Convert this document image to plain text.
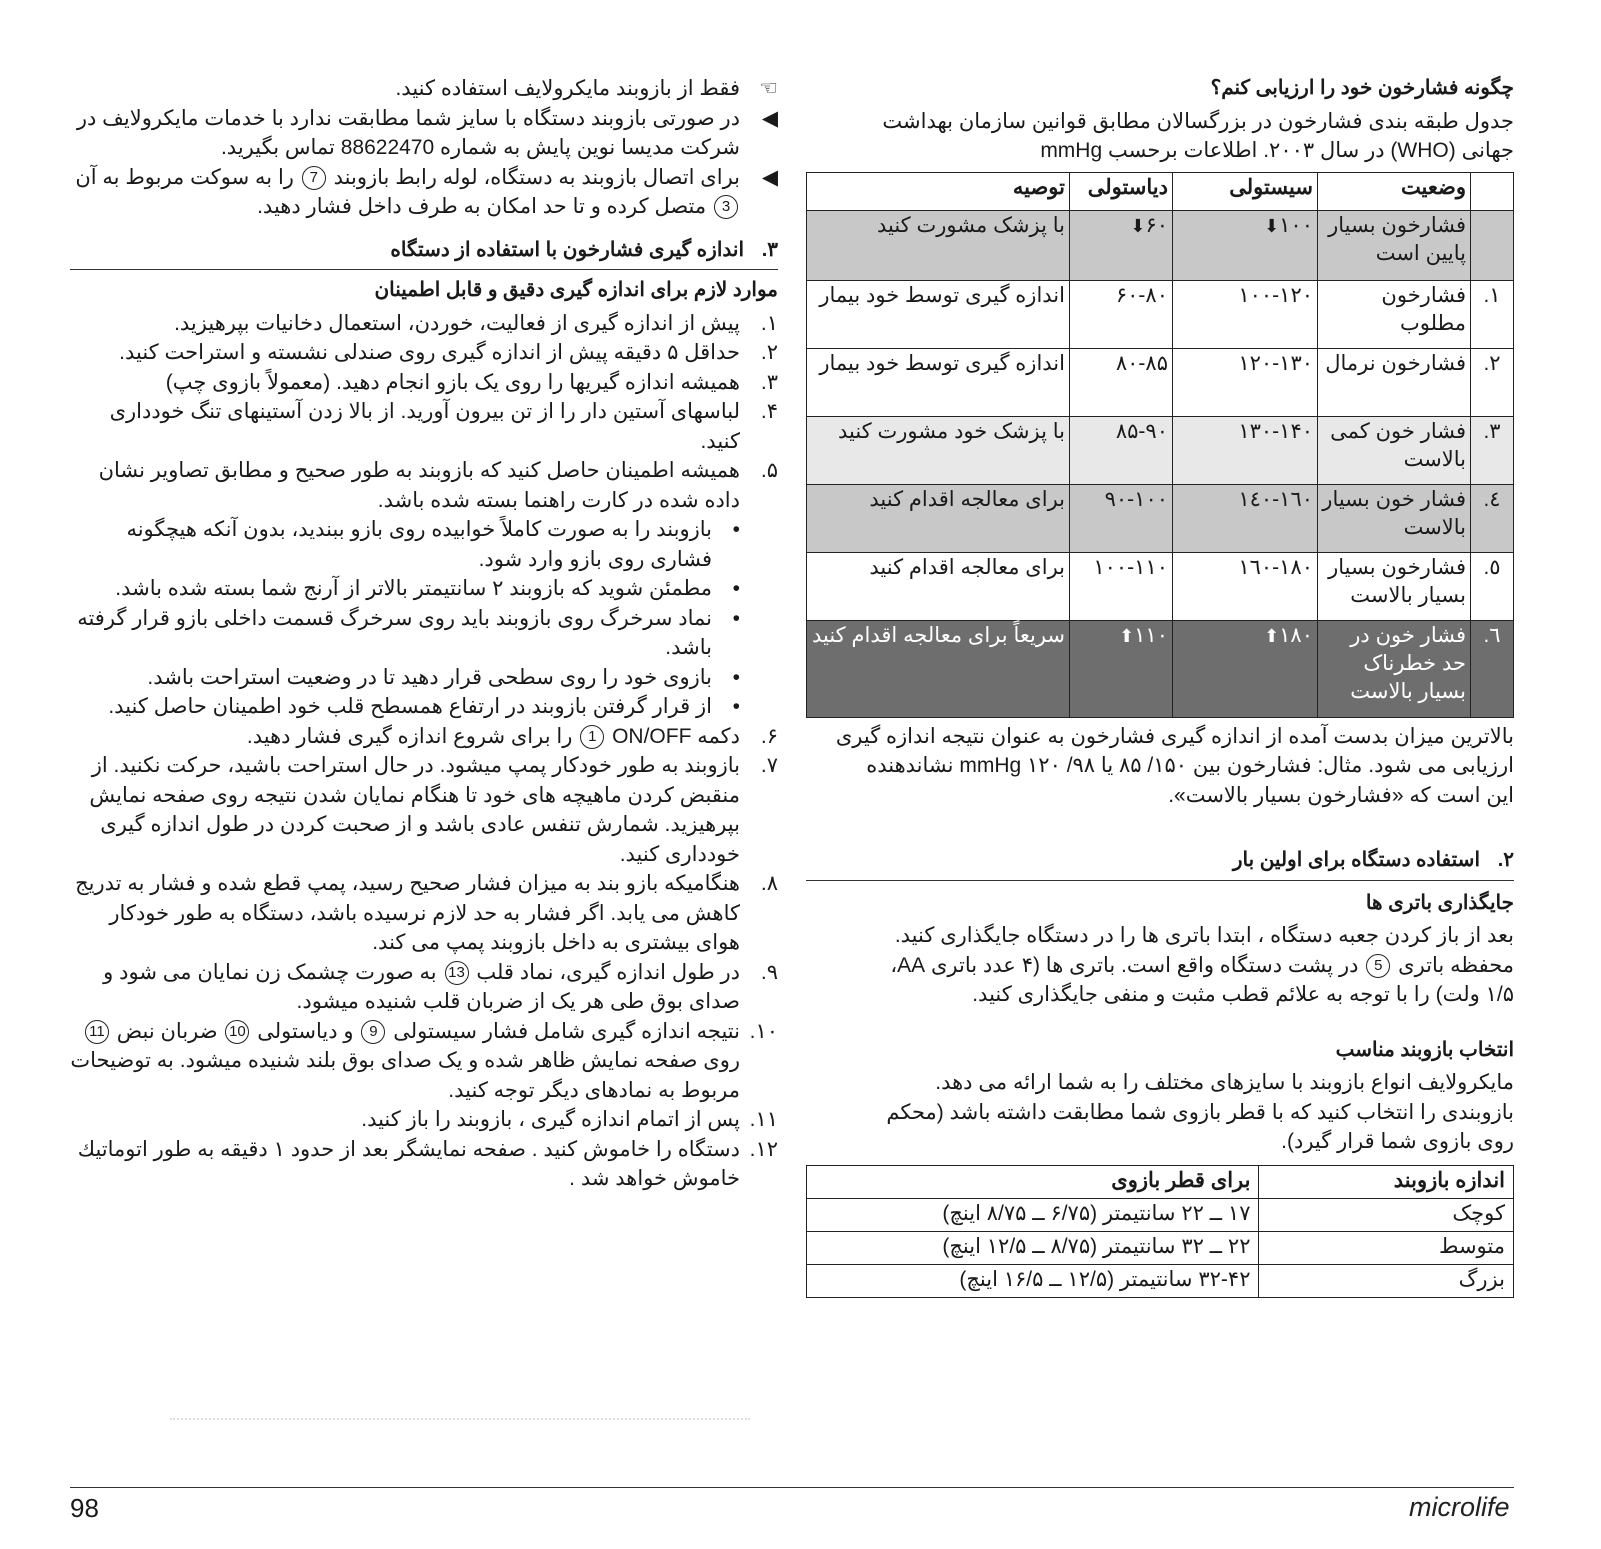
چگونه فشارخون خود را ارزیابی کنم؟

جدول طبقه بندی فشارخون در بزرگسالان مطابق قوانین سازمان بهداشت

جهانی (WHO) در سال ۲۰۰۳. اطلاعات برحسب mmHg

	وضعیت	سیستولی	دیاستولی	توصیه
	فشارخون بسیار پایین است	۱۰۰⬇	۶۰⬇	با پزشک مشورت کنید
۱.	فشارخون مطلوب	۱۰۰-۱۲۰	۶۰-۸۰	اندازه گیری توسط خود بیمار
۲.	فشارخون نرمال	۱۲۰-۱۳۰	۸۰-۸۵	اندازه گیری توسط خود بیمار
۳.	فشار خون کمی بالاست	۱۳۰-۱۴۰	۸۵-۹۰	با پزشک خود مشورت کنید
٤.	فشار خون بسیار بالاست	۱٤۰-۱٦۰	۹۰-۱۰۰	برای معالجه اقدام کنید
٥.	فشارخون بسیار بسیار بالاست	۱٦۰-۱۸۰	۱۰۰-۱۱۰	برای معالجه اقدام کنید
٦.	فشار خون در حد خطرناک بسیار بالاست	۱۸۰⬆	۱۱۰⬆	سریعاً برای معالجه اقدام کنید

بالاترین میزان بدست آمده از اندازه گیری فشارخون به عنوان نتیجه اندازه گیری

ارزیابی می شود. مثال: فشارخون بین ۱۵۰/ ۸۵ یا ۹۸/ ۱۲۰ mmHg نشاندهنده

این است که «فشارخون بسیار بالاست».

۲.استفاده دستگاه برای اولین بار

جایگذاری باتری ها

بعد از باز کردن جعبه دستگاه ، ابتدا باتری ها را در دستگاه جایگذاری کنید.

محفظه باتری 5 در پشت دستگاه واقع است. باتری ها (۴ عدد باتری AA،

۱/۵ ولت) را با توجه به علائم قطب مثبت و منفی جایگذاری کنید.

انتخاب بازوبند مناسب

مایکرولایف انواع بازوبند با سایزهای مختلف را به شما ارائه می دهد.

بازوبندی را انتخاب کنید که با قطر بازوی شما مطابقت داشته باشد (محکم

روی بازوی شما قرار گیرد).

اندازه بازوبند	برای قطر بازوی
کوچک	۱۷ ــ ۲۲ سانتیمتر (۶/۷۵ ــ ۸/۷۵ اینچ)
متوسط	۲۲ ــ ۳۲ سانتیمتر (۸/۷۵ ــ ۱۲/۵ اینچ)
بزرگ	۳۲-۴۲ سانتیمتر (۱۲/۵ ــ ۱۶/۵ اینچ)
☜
فقط از بازوبند مایکرولایف استفاده کنید.
◀
در صورتی بازوبند دستگاه با سایز شما مطابقت ندارد با خدمات مایکرولایف در شرکت مدیسا نوین پایش به شماره 88622470 تماس بگیرید.
◀
برای اتصال بازوبند به دستگاه، لوله رابط بازوبند 7 را به سوکت مربوط به آن 3 متصل کرده و تا حد امکان به طرف داخل فشار دهید.

۳.اندازه گیری فشارخون با استفاده از دستگاه

موارد لازم برای اندازه گیری دقیق و قابل اطمینان

۱.
پیش از اندازه گیری از فعالیت، خوردن، استعمال دخانیات بپرهیزید.
۲.
حداقل ۵ دقیقه پیش از اندازه گیری روی صندلی نشسته و استراحت کنید.
۳.
همیشه اندازه گیریها را روی یک بازو انجام دهید. (معمولاً بازوی چپ)
۴.
لباسهای آستین دار را از تن بیرون آورید. از بالا زدن آستینهای تنگ خودداری کنید.
۵.
همیشه اطمینان حاصل کنید که بازوبند به طور صحیح و مطابق تصاویر نشان داده شده در کارت راهنما بسته شده باشد.
•
بازوبند را به صورت کاملاً خوابیده روی بازو ببندید، بدون آنکه هیچگونه فشاری روی بازو وارد شود.
•
مطمئن شوید که بازوبند ۲ سانتیمتر بالاتر از آرنج شما بسته شده باشد.
•
نماد سرخرگ روی بازوبند باید روی سرخرگ قسمت داخلی بازو قرار گرفته باشد.
•
بازوی خود را روی سطحی قرار دهید تا در وضعیت استراحت باشد.
•
از قرار گرفتن بازوبند در ارتفاع همسطح قلب خود اطمینان حاصل کنید.
۶.
دکمه ON/OFF 1 را برای شروع اندازه گیری فشار دهید.
۷.
بازوبند به طور خودکار پمپ میشود. در حال استراحت باشید، حرکت نکنید. از منقبض کردن ماهیچه های خود تا هنگام نمایان شدن نتیجه روی صفحه نمایش بپرهیزید. شمارش تنفس عادی باشد و از صحبت کردن در طول اندازه گیری خودداری کنید.
۸.
هنگامیکه بازو بند به میزان فشار صحیح رسید، پمپ قطع شده و فشار به تدریج کاهش می یابد. اگر فشار به حد لازم نرسیده باشد، دستگاه به طور خودکار هوای بیشتری به داخل بازوبند پمپ می کند.
۹.
در طول اندازه گیری، نماد قلب 13 به صورت چشمک زن نمایان می شود و صدای بوق طی هر یک از ضربان قلب شنیده میشود.
۱۰.
نتیجه اندازه گیری شامل فشار سیستولی 9 و دیاستولی 10 ضربان نبض 11 روی صفحه نمایش ظاهر شده و یک صدای بوق بلند شنیده میشود. به توضیحات مربوط به نمادهای دیگر توجه کنید.
۱۱.
پس از اتمام اندازه گیری ، بازوبند را باز کنید.
۱۲.
دستگاه را خاموش کنید . صفحه نمایشگر بعد از حدود ۱ دقیقه به طور اتوماتیك خاموش خواهد شد .
98	microlife
